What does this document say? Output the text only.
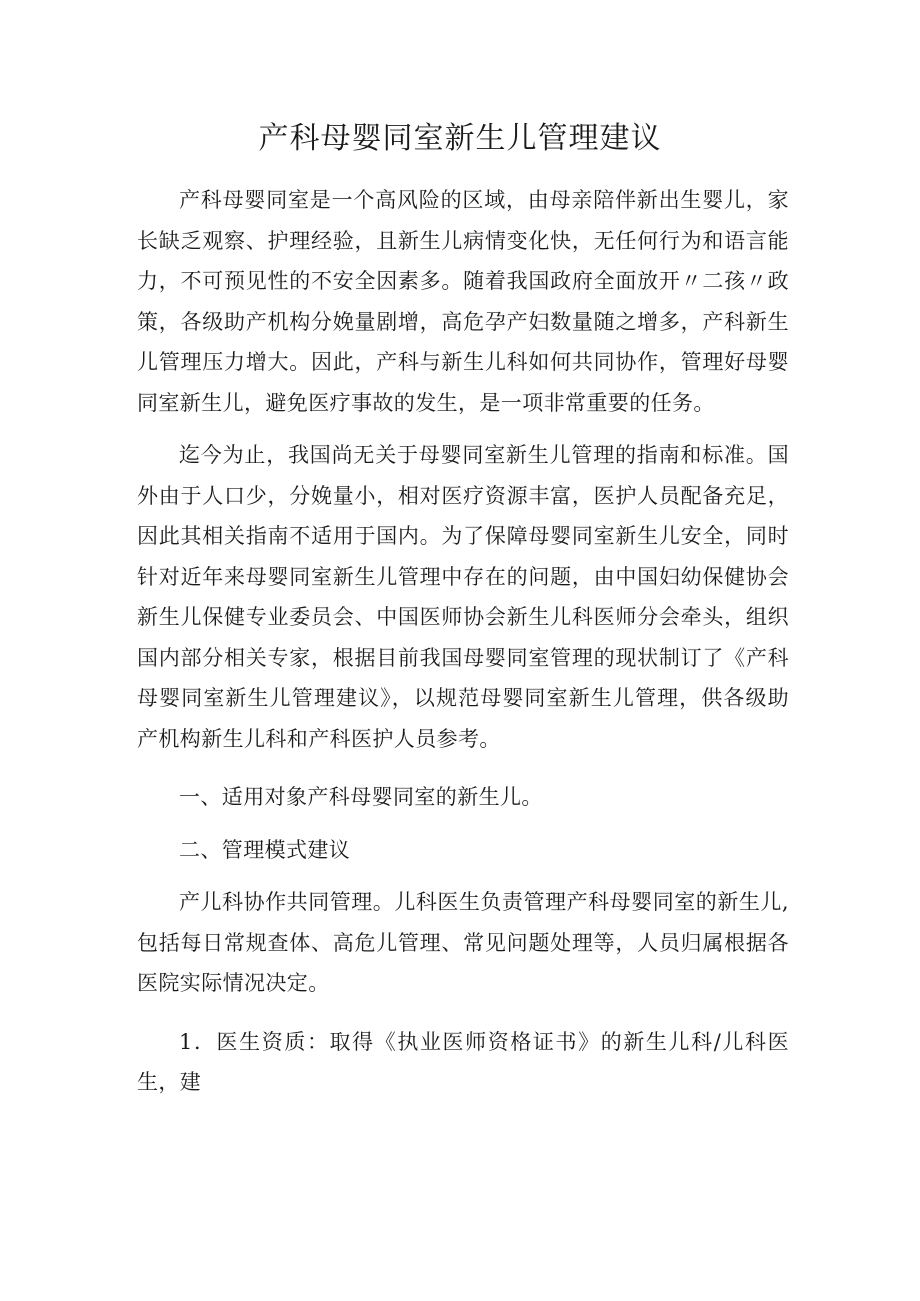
产科母婴同室新生儿管理建议

产科母婴同室是一个高风险的区域，由母亲陪伴新出生婴儿，家长缺乏观察、护理经验，且新生儿病情变化快，无任何行为和语言能力，不可预见性的不安全因素多。随着我国政府全面放开〃二孩〃政策，各级助产机构分娩量剧增，高危孕产妇数量随之增多，产科新生儿管理压力增大。因此，产科与新生儿科如何共同协作，管理好母婴同室新生儿，避免医疗事故的发生，是一项非常重要的任务。

迄今为止，我国尚无关于母婴同室新生儿管理的指南和标准。国外由于人口少，分娩量小，相对医疗资源丰富，医护人员配备充足，因此其相关指南不适用于国内。为了保障母婴同室新生儿安全，同时针对近年来母婴同室新生儿管理中存在的问题，由中国妇幼保健协会新生儿保健专业委员会、中国医师协会新生儿科医师分会牵头，组织国内部分相关专家，根据目前我国母婴同室管理的现状制订了《产科母婴同室新生儿管理建议》，以规范母婴同室新生儿管理，供各级助产机构新生儿科和产科医护人员参考。

一、适用对象产科母婴同室的新生儿。

二、管理模式建议

产儿科协作共同管理。儿科医生负责管理产科母婴同室的新生儿,包括每日常规查体、高危儿管理、常见问题处理等，人员归属根据各医院实际情况决定。

1．医生资质：取得《执业医师资格证书》的新生儿科/儿科医生，建
